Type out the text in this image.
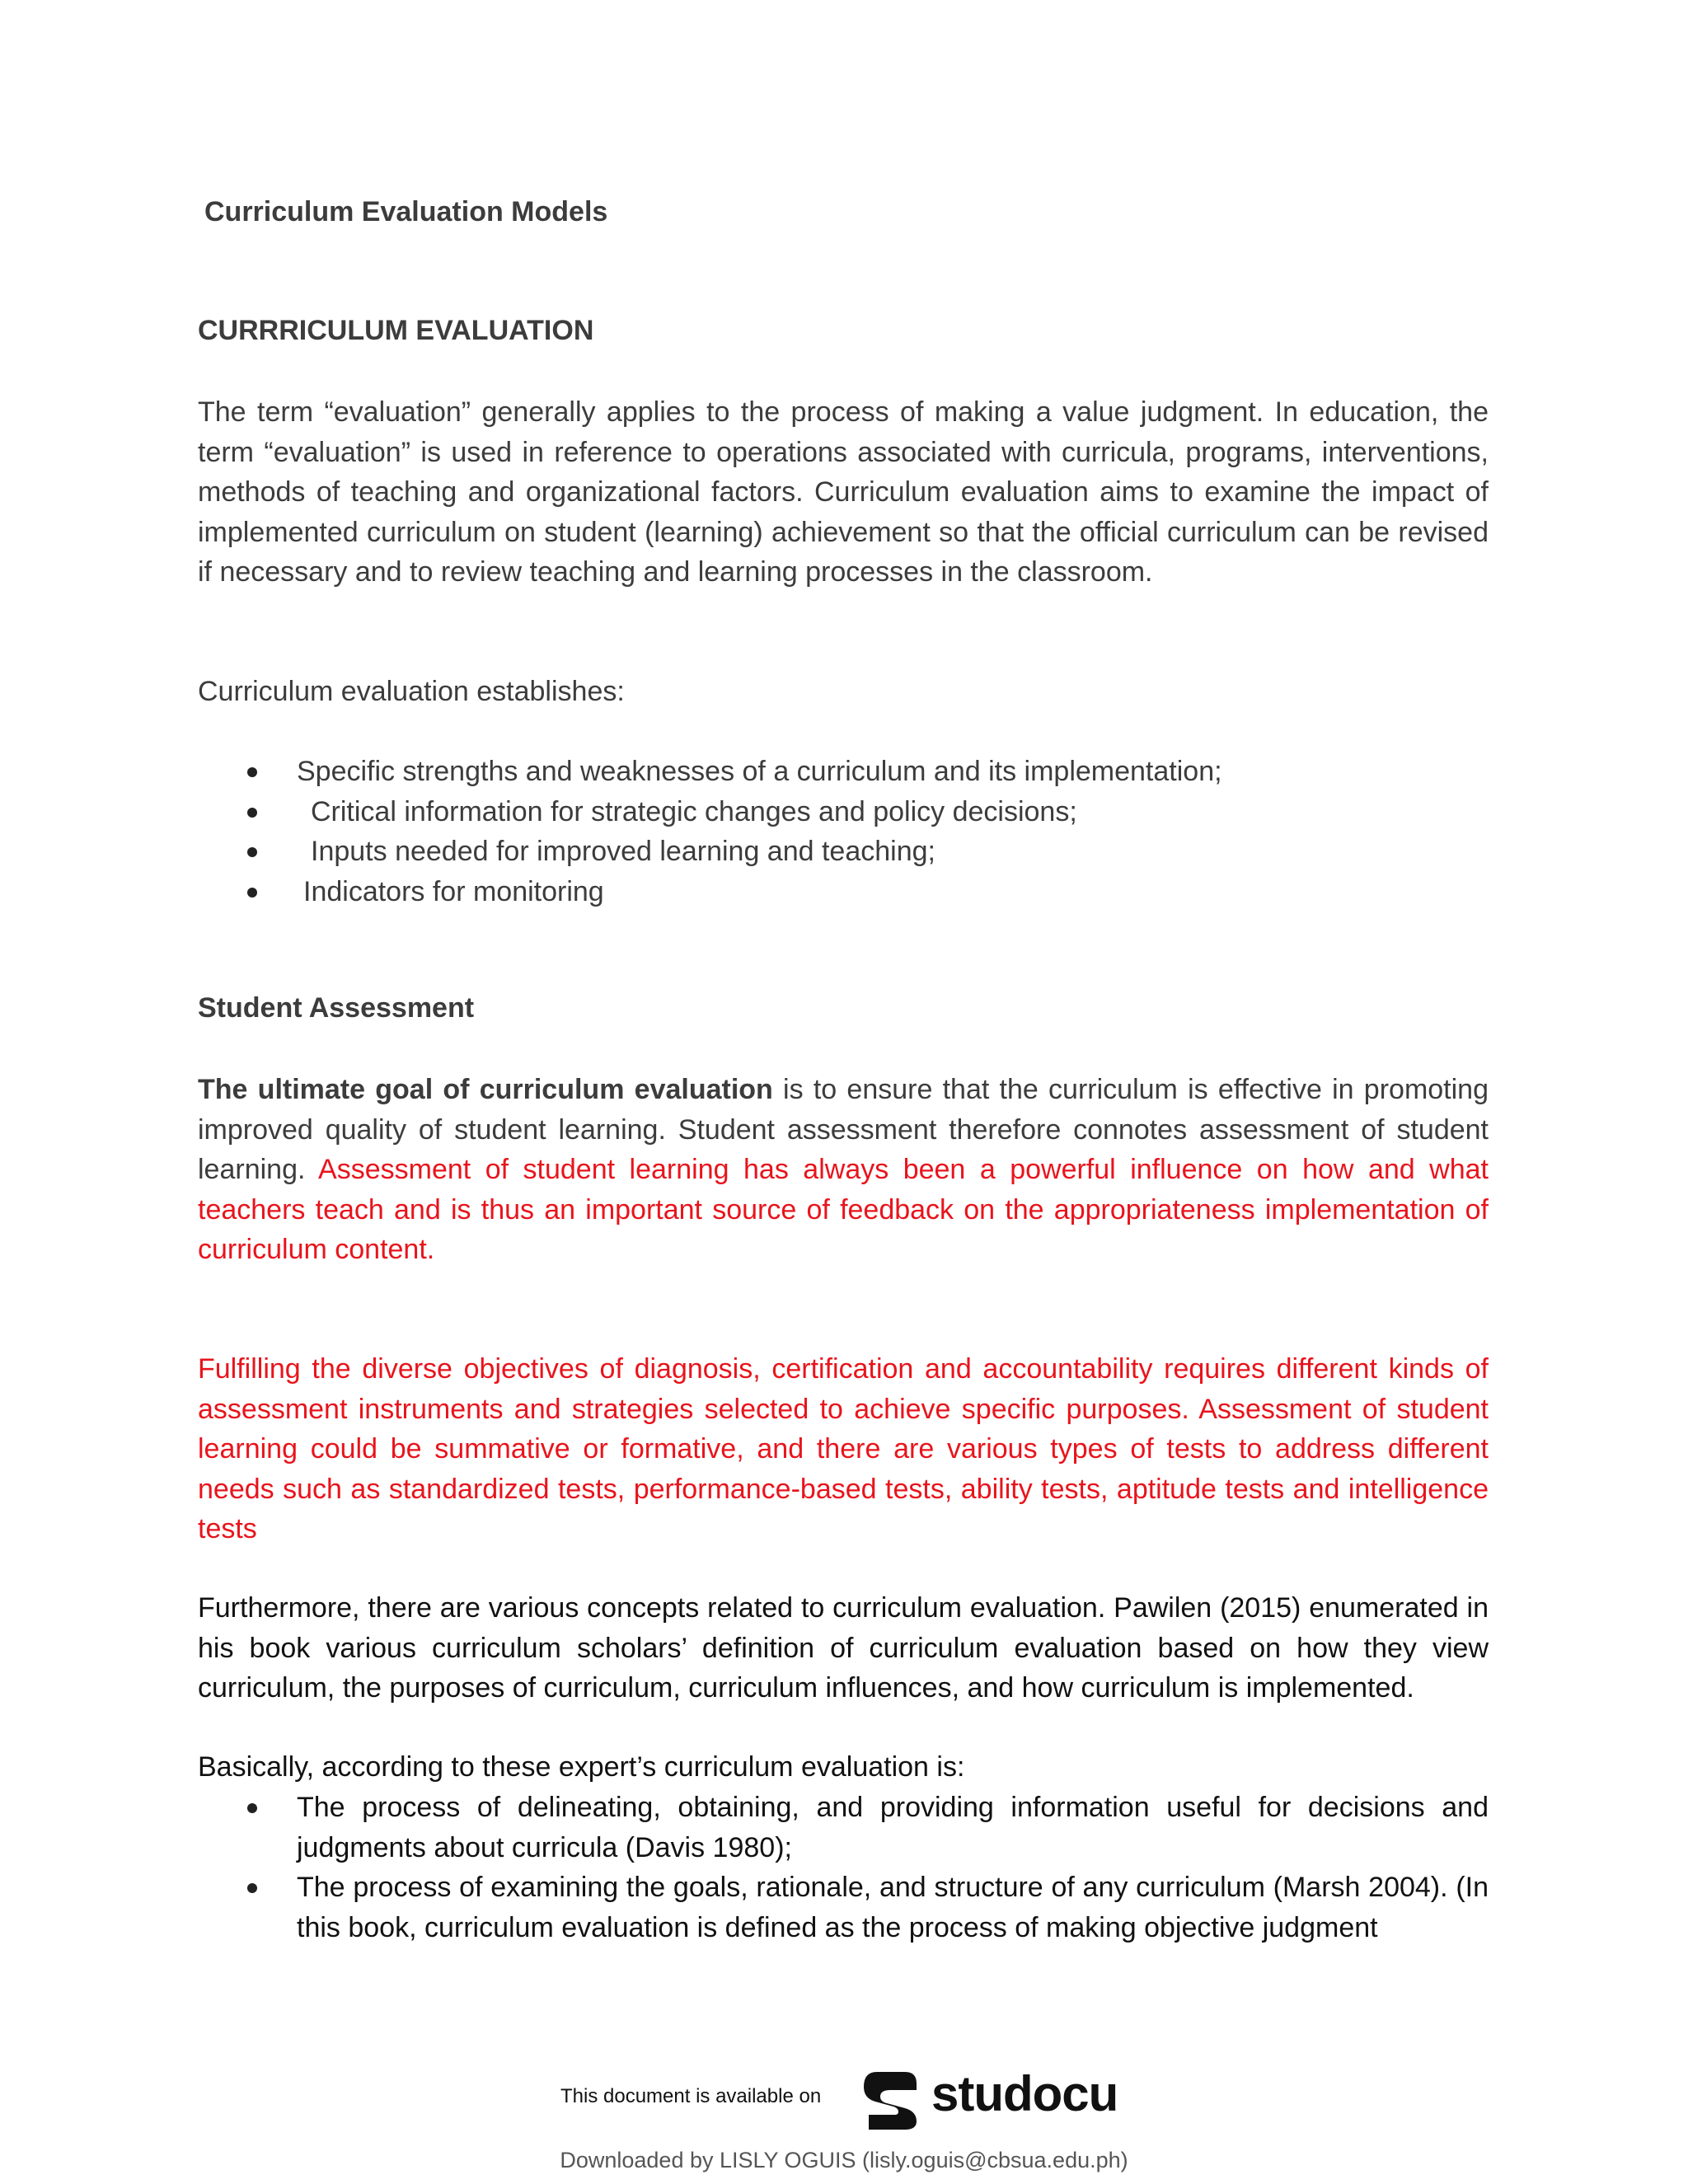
Curriculum Evaluation Models
CURRRICULUM EVALUATION

The term “evaluation” generally applies to the process of making a value judgment. In education, the term “evaluation” is used in reference to operations associated with curricula, programs, interventions, methods of teaching and organizational factors. Curriculum evaluation aims to examine the impact of implemented curriculum on student (learning) achievement so that the official curriculum can be revised if necessary and to review teaching and learning processes in the classroom.

Curriculum evaluation establishes:

Specific strengths and weaknesses of a curriculum and its implementation;
Critical information for strategic changes and policy decisions;
Inputs needed for improved learning and teaching;
Indicators for monitoring
Student Assessment

The ultimate goal of curriculum evaluation is to ensure that the curriculum is effective in promoting improved quality of student learning. Student assessment therefore connotes assessment of student learning. Assessment of student learning has always been a powerful influence on how and what teachers teach and is thus an important source of feedback on the appropriateness implementation of curriculum content.

Fulfilling the diverse objectives of diagnosis, certification and accountability requires different kinds of assessment instruments and strategies selected to achieve specific purposes. Assessment of student learning could be summative or formative, and there are various types of tests to address different needs such as standardized tests, performance-based tests, ability tests, aptitude tests and intelligence tests

Furthermore, there are various concepts related to curriculum evaluation. Pawilen (2015) enumerated in his book various curriculum scholars’ definition of curriculum evaluation based on how they view curriculum, the purposes of curriculum, curriculum influences, and how curriculum is implemented.

Basically, according to these expert’s curriculum evaluation is:

The process of delineating, obtaining, and providing information useful for decisions and judgments about curricula (Davis 1980);
The process of examining the goals, rationale, and structure of any curriculum (Marsh 2004). (In this book, curriculum evaluation is defined as the process of making objective judgment
This document is available on studocu
Downloaded by LISLY OGUIS (lisly.oguis@cbsua.edu.ph)
